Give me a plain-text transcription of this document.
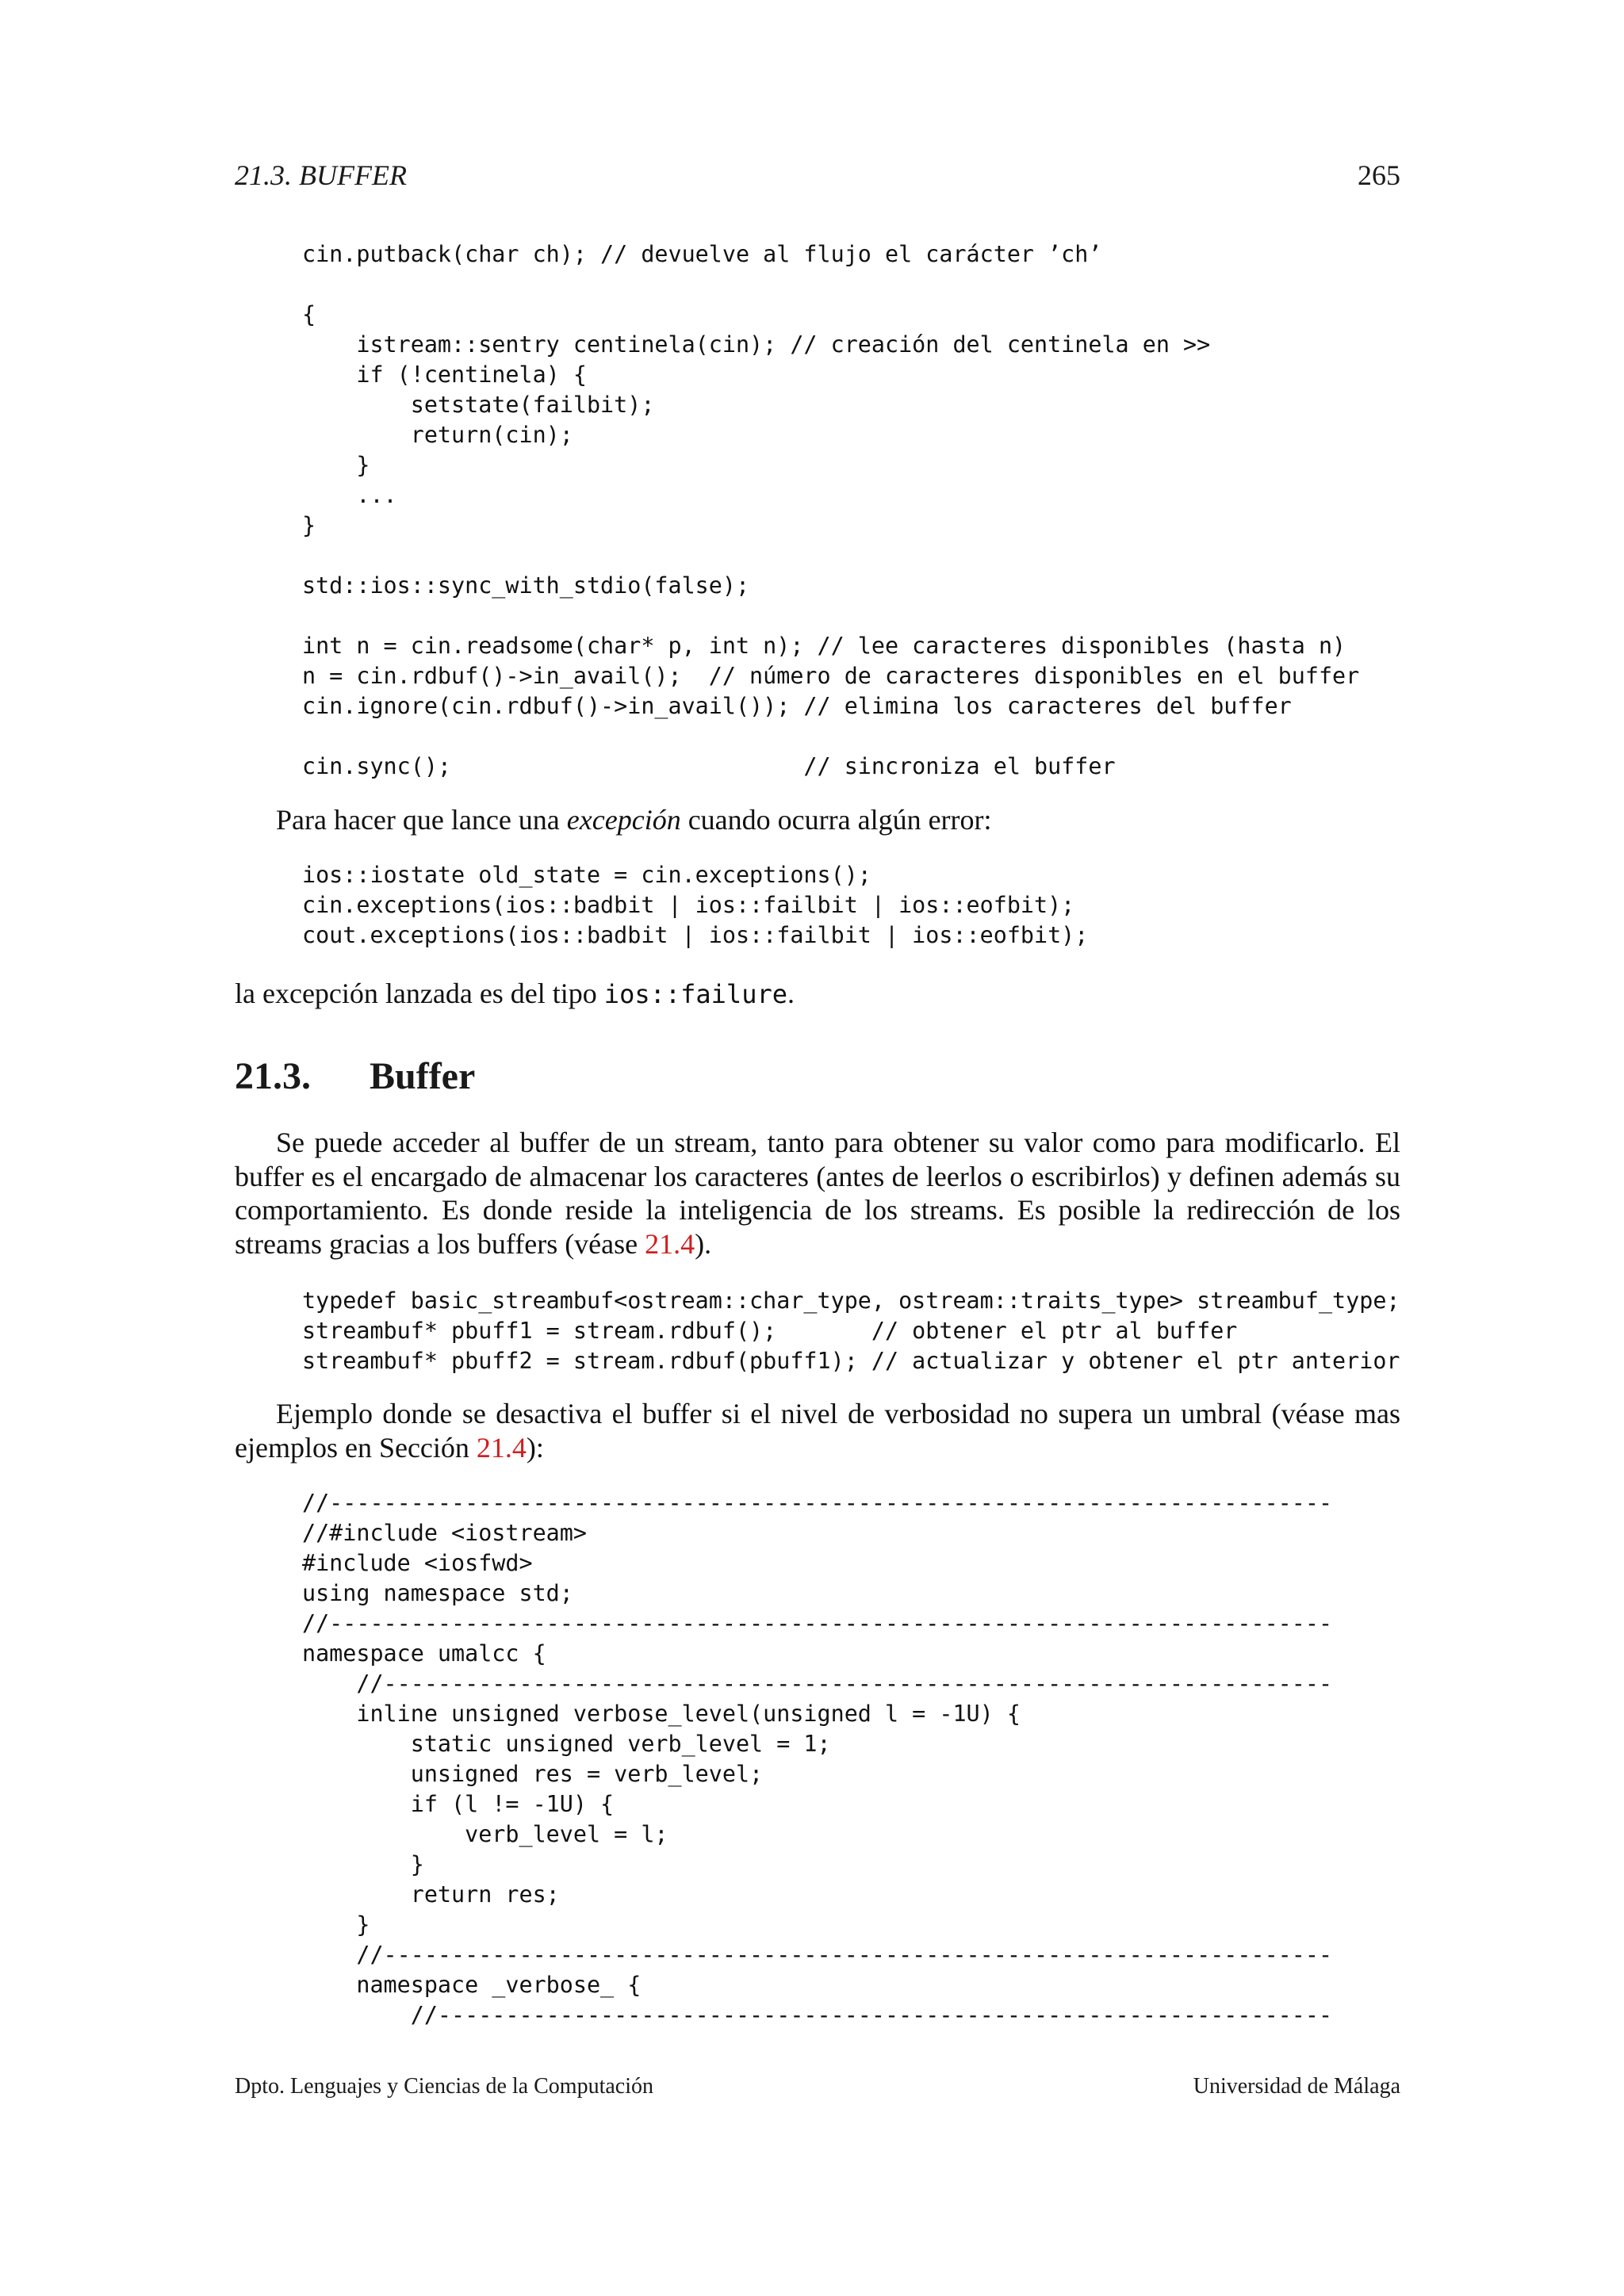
21.3. BUFFER	265
cin.putback(char ch); // devuelve al flujo el carácter ’ch’

{
istream::sentry centinela(cin); // creación del centinela en >>
if (!centinela) {
setstate(failbit);
return(cin);
}
...
}

std::ios::sync_with_stdio(false);

int n = cin.readsome(char* p, int n); // lee caracteres disponibles (hasta n)
n = cin.rdbuf()->in_avail();  // número de caracteres disponibles en el buffer
cin.ignore(cin.rdbuf()->in_avail()); // elimina los caracteres del buffer

cin.sync();                          // sincroniza el buffer

Para hacer que lance una excepción cuando ocurra algún error:

ios::iostate old_state = cin.exceptions();
cin.exceptions(ios::badbit | ios::failbit | ios::eofbit);
cout.exceptions(ios::badbit | ios::failbit | ios::eofbit);

la excepción lanzada es del tipo ios::failure.

21.3. Buffer

Se puede acceder al buffer de un stream, tanto para obtener su valor como para modificarlo. El buffer es el encargado de almacenar los caracteres (antes de leerlos o escribirlos) y definen además su comportamiento. Es donde reside la inteligencia de los streams. Es posible la redirección de los streams gracias a los buffers (véase 21.4).

typedef basic_streambuf<ostream::char_type, ostream::traits_type> streambuf_type;
streambuf* pbuff1 = stream.rdbuf();       // obtener el ptr al buffer
streambuf* pbuff2 = stream.rdbuf(pbuff1); // actualizar y obtener el ptr anterior

Ejemplo donde se desactiva el buffer si el nivel de verbosidad no supera un umbral (véase mas ejemplos en Sección 21.4):

//--------------------------------------------------------------------------
//#include <iostream>
#include <iosfwd>
using namespace std;
//--------------------------------------------------------------------------
namespace umalcc {
//----------------------------------------------------------------------
inline unsigned verbose_level(unsigned l = -1U) {
static unsigned verb_level = 1;
unsigned res = verb_level;
if (l != -1U) {
verb_level = l;
}
return res;
}
//----------------------------------------------------------------------
namespace _verbose_ {
//------------------------------------------------------------------
Dpto. Lenguajes y Ciencias de la Computación	Universidad de Málaga
